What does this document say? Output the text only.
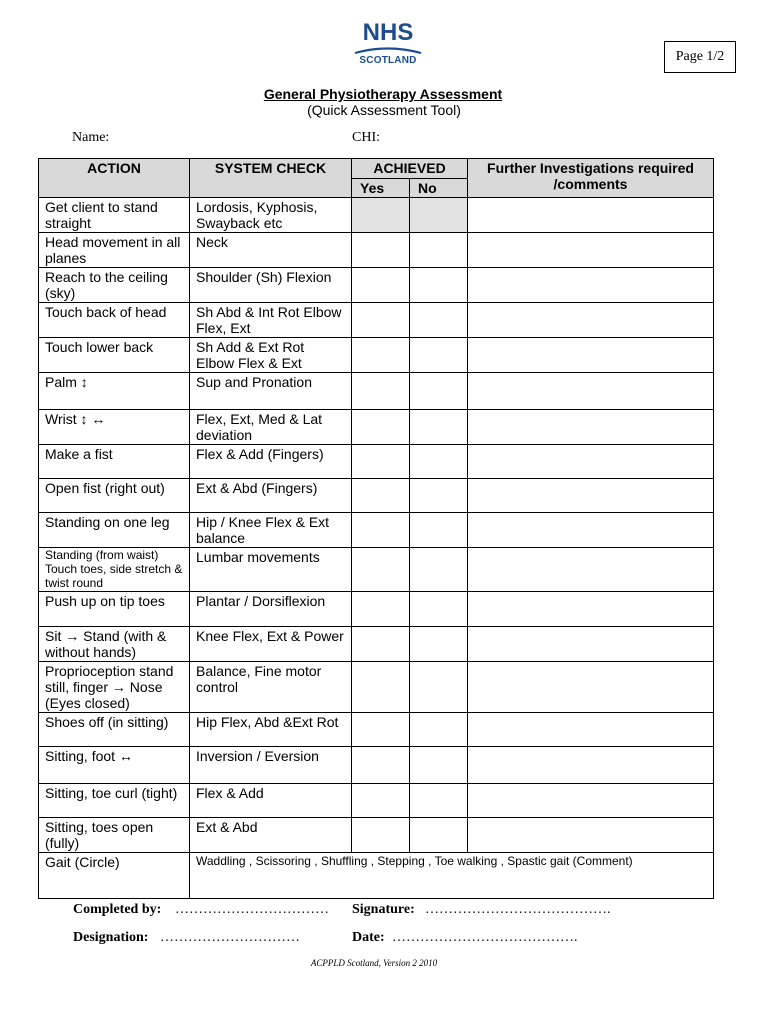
NHS
SCOTLAND	Page 1/2
General Physiotherapy Assessment
(Quick Assessment Tool)
Name:	CHI:
ACTION	SYSTEM CHECK	ACHIEVED		Further Investigations required /comments
		Yes	No	
Get client to stand straight	Lordosis, Kyphosis, Swayback etc			
Head movement in all planes	Neck			
Reach to the ceiling (sky)	Shoulder (Sh) Flexion			
Touch back of head	Sh Abd & Int Rot Elbow Flex, Ext			
Touch lower back	Sh Add & Ext Rot Elbow Flex & Ext			
Palm ↕	Sup and Pronation			
Wrist ↕ ↔	Flex, Ext, Med & Lat deviation			
Make a fist	Flex & Add (Fingers)			
Open fist (right out)	Ext & Abd (Fingers)			
Standing on one leg	Hip / Knee Flex & Ext balance			
Standing (from waist) Touch toes, side stretch & twist round	Lumbar movements			
Push up on tip toes	Plantar / Dorsiflexion			
Sit → Stand (with & without hands)	Knee Flex, Ext & Power			
Proprioception stand still, finger → Nose (Eyes closed)	Balance, Fine motor control			
Shoes off (in sitting)	Hip Flex, Abd &Ext Rot			
Sitting, foot ↔	Inversion / Eversion			
Sitting, toe curl (tight)	Flex & Add			
Sitting, toes open (fully)	Ext & Abd			
Gait (Circle)	Waddling , Scissoring , Shuffling , Stepping , Toe walking , Spastic gait (Comment)			
Completed by: …………………………… Signature: ………………………………….
Designation: …………………………	Date: ………………………………….
ACPPLD Scotland, Version 2 2010
